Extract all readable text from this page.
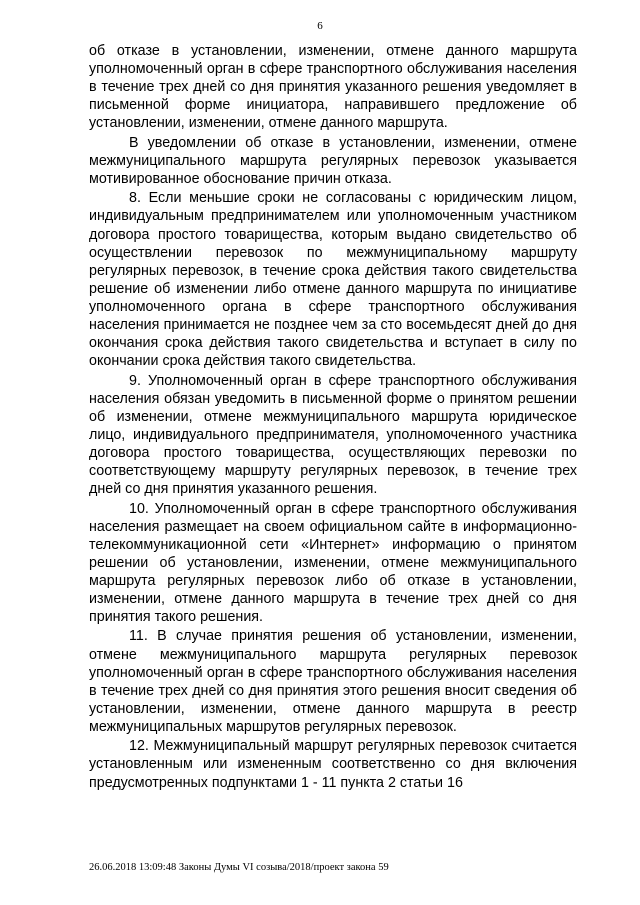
6

об отказе в установлении, изменении, отмене данного маршрута уполномоченный орган в сфере транспортного обслуживания населения в течение трех дней со дня принятия указанного решения уведомляет в письменной форме инициатора, направившего предложение об установлении, изменении, отмене данного маршрута.

В уведомлении об отказе в установлении, изменении, отмене межмуниципального маршрута регулярных перевозок указывается мотивированное обоснование причин отказа.

8. Если меньшие сроки не согласованы с юридическим лицом, индивидуальным предпринимателем или уполномоченным участником договора простого товарищества, которым выдано свидетельство об осуществлении перевозок по межмуниципальному маршруту регулярных перевозок, в течение срока действия такого свидетельства решение об изменении либо отмене данного маршрута по инициативе уполномоченного органа в сфере транспортного обслуживания населения принимается не позднее чем за сто восемьдесят дней до дня окончания срока действия такого свидетельства и вступает в силу по окончании срока действия такого свидетельства.

9. Уполномоченный орган в сфере транспортного обслуживания населения обязан уведомить в письменной форме о принятом решении об изменении, отмене межмуниципального маршрута юридическое лицо, индивидуального предпринимателя, уполномоченного участника договора простого товарищества, осуществляющих перевозки по соответствующему маршруту регулярных перевозок, в течение трех дней со дня принятия указанного решения.

10. Уполномоченный орган в сфере транспортного обслуживания населения размещает на своем официальном сайте в информационно-телекоммуникационной сети «Интернет» информацию о принятом решении об установлении, изменении, отмене межмуниципального маршрута регулярных перевозок либо об отказе в установлении, изменении, отмене данного маршрута в течение трех дней со дня принятия такого решения.

11. В случае принятия решения об установлении, изменении, отмене межмуниципального маршрута регулярных перевозок уполномоченный орган в сфере транспортного обслуживания населения в течение трех дней со дня принятия этого решения вносит сведения об установлении, изменении, отмене данного маршрута в реестр межмуниципальных маршрутов регулярных перевозок.

12. Межмуниципальный маршрут регулярных перевозок считается установленным или измененным соответственно со дня включения предусмотренных подпунктами 1 - 11 пункта 2 статьи 16

26.06.2018 13:09:48 Законы Думы VI созыва/2018/проект закона 59
